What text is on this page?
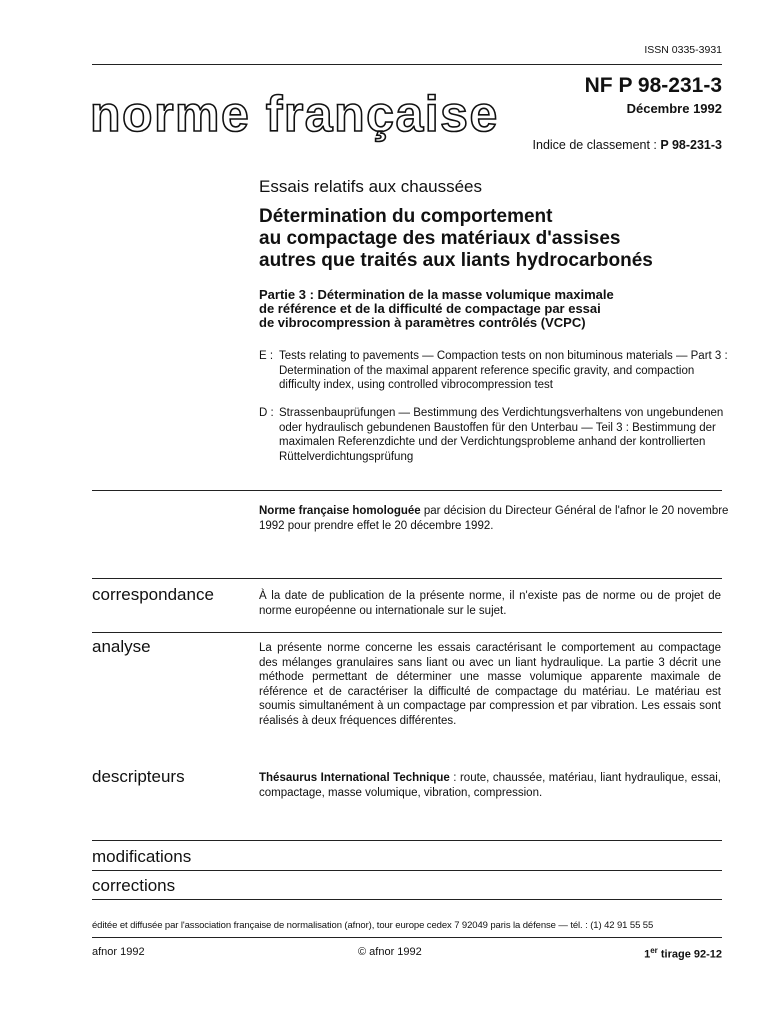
ISSN 0335-3931
norme française
NF P 98-231-3
Décembre 1992
Indice de classement : P 98-231-3
Essais relatifs aux chaussées
Détermination du comportement
au compactage des matériaux d'assises
autres que traités aux liants hydrocarbonés
Partie 3 : Détermination de la masse volumique maximale
de référence et de la difficulté de compactage par essai
de vibrocompression à paramètres contrôlés (VCPC)
E : Tests relating to pavements — Compaction tests on non bituminous materials — Part 3 : Determination of the maximal apparent reference specific gravity, and compaction difficulty index, using controlled vibrocompression test
D : Strassenbauprüfungen — Bestimmung des Verdichtungsverhaltens von ungebundenen oder hydraulisch gebundenen Baustoffen für den Unterbau — Teil 3 : Bestimmung der maximalen Referenzdichte und der Verdichtungsprobleme anhand der kontrollierten Rüttelverdichtungsprüfung
Norme française homologuée par décision du Directeur Général de l'afnor le 20 novembre 1992 pour prendre effet le 20 décembre 1992.
correspondance	À la date de publication de la présente norme, il n'existe pas de norme ou de projet de norme européenne ou internationale sur le sujet.
analyse	La présente norme concerne les essais caractérisant le comportement au compactage des mélanges granulaires sans liant ou avec un liant hydraulique. La partie 3 décrit une méthode permettant de déterminer une masse volumique apparente maximale de référence et de caractériser la difficulté de compactage du matériau. Le matériau est soumis simultanément à un compactage par compression et par vibration. Les essais sont réalisés à deux fréquences différentes.
descripteurs	Thésaurus International Technique : route, chaussée, matériau, liant hydraulique, essai, compactage, masse volumique, vibration, compression.
modifications
corrections
éditée et diffusée par l'association française de normalisation (afnor), tour europe cedex 7 92049 paris la défense — tél. : (1) 42 91 55 55
afnor 1992	© afnor 1992	1er tirage 92-12
